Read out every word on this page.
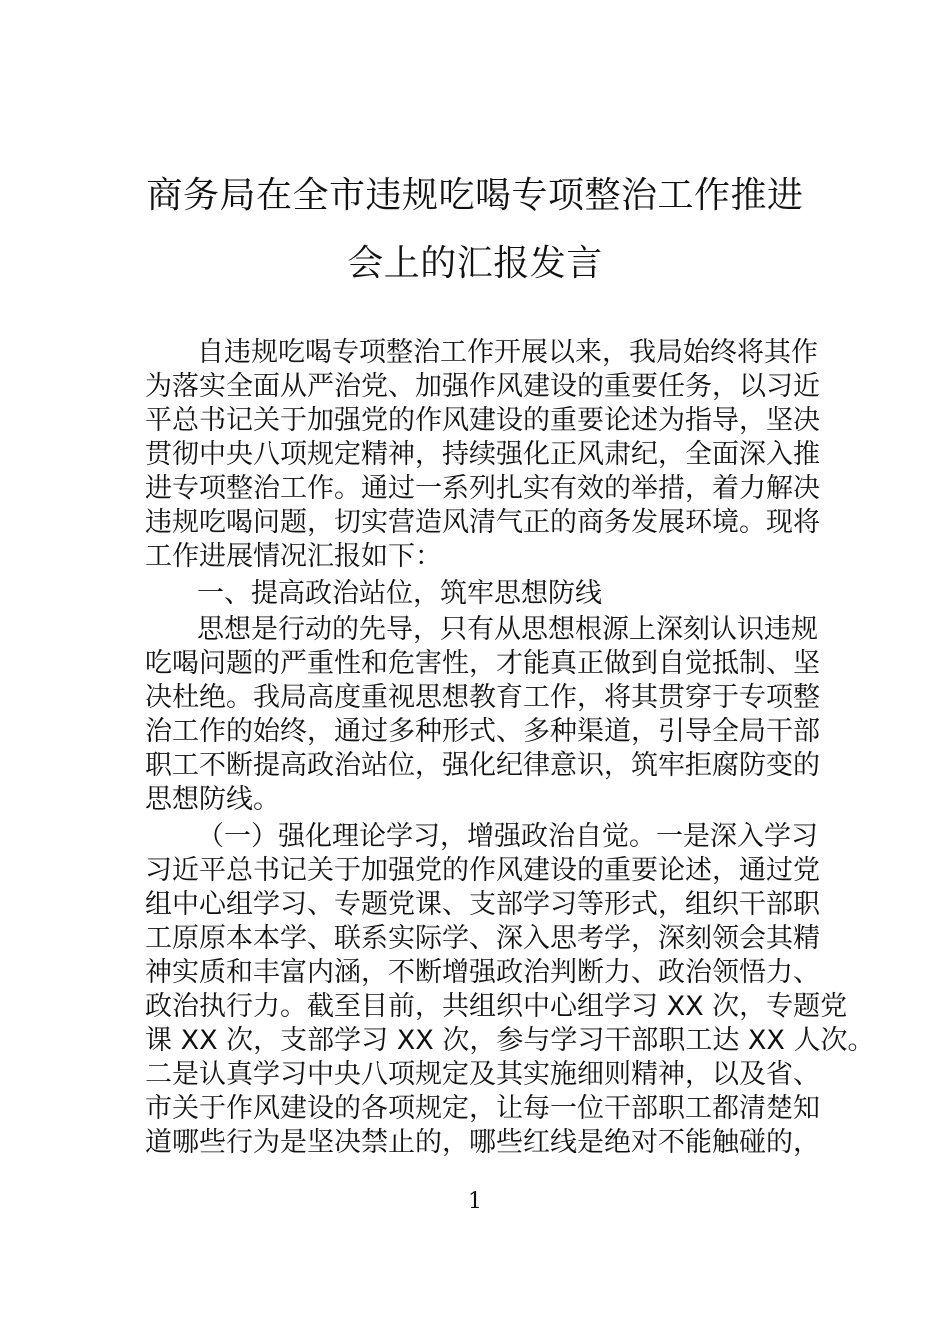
商务局在全市违规吃喝专项整治工作推进
会上的汇报发言
自违规吃喝专项整治工作开展以来，我局始终将其作
为落实全面从严治党、加强作风建设的重要任务，以习近
平总书记关于加强党的作风建设的重要论述为指导，坚决
贯彻中央八项规定精神，持续强化正风肃纪，全面深入推
进专项整治工作。通过一系列扎实有效的举措，着力解决
违规吃喝问题，切实营造风清气正的商务发展环境。现将
工作进展情况汇报如下：
一、提高政治站位，筑牢思想防线
思想是行动的先导，只有从思想根源上深刻认识违规
吃喝问题的严重性和危害性，才能真正做到自觉抵制、坚
决杜绝。我局高度重视思想教育工作，将其贯穿于专项整
治工作的始终，通过多种形式、多种渠道，引导全局干部
职工不断提高政治站位，强化纪律意识，筑牢拒腐防变的
思想防线。
（一）强化理论学习，增强政治自觉。一是深入学习
习近平总书记关于加强党的作风建设的重要论述，通过党
组中心组学习、专题党课、支部学习等形式，组织干部职
工原原本本学、联系实际学、深入思考学，深刻领会其精
神实质和丰富内涵，不断增强政治判断力、政治领悟力、
政治执行力。截至目前，共组织中心组学习 XX 次，专题党
课 XX 次，支部学习 XX 次，参与学习干部职工达 XX 人次。
二是认真学习中央八项规定及其实施细则精神，以及省、
市关于作风建设的各项规定，让每一位干部职工都清楚知
道哪些行为是坚决禁止的，哪些红线是绝对不能触碰的，
1
